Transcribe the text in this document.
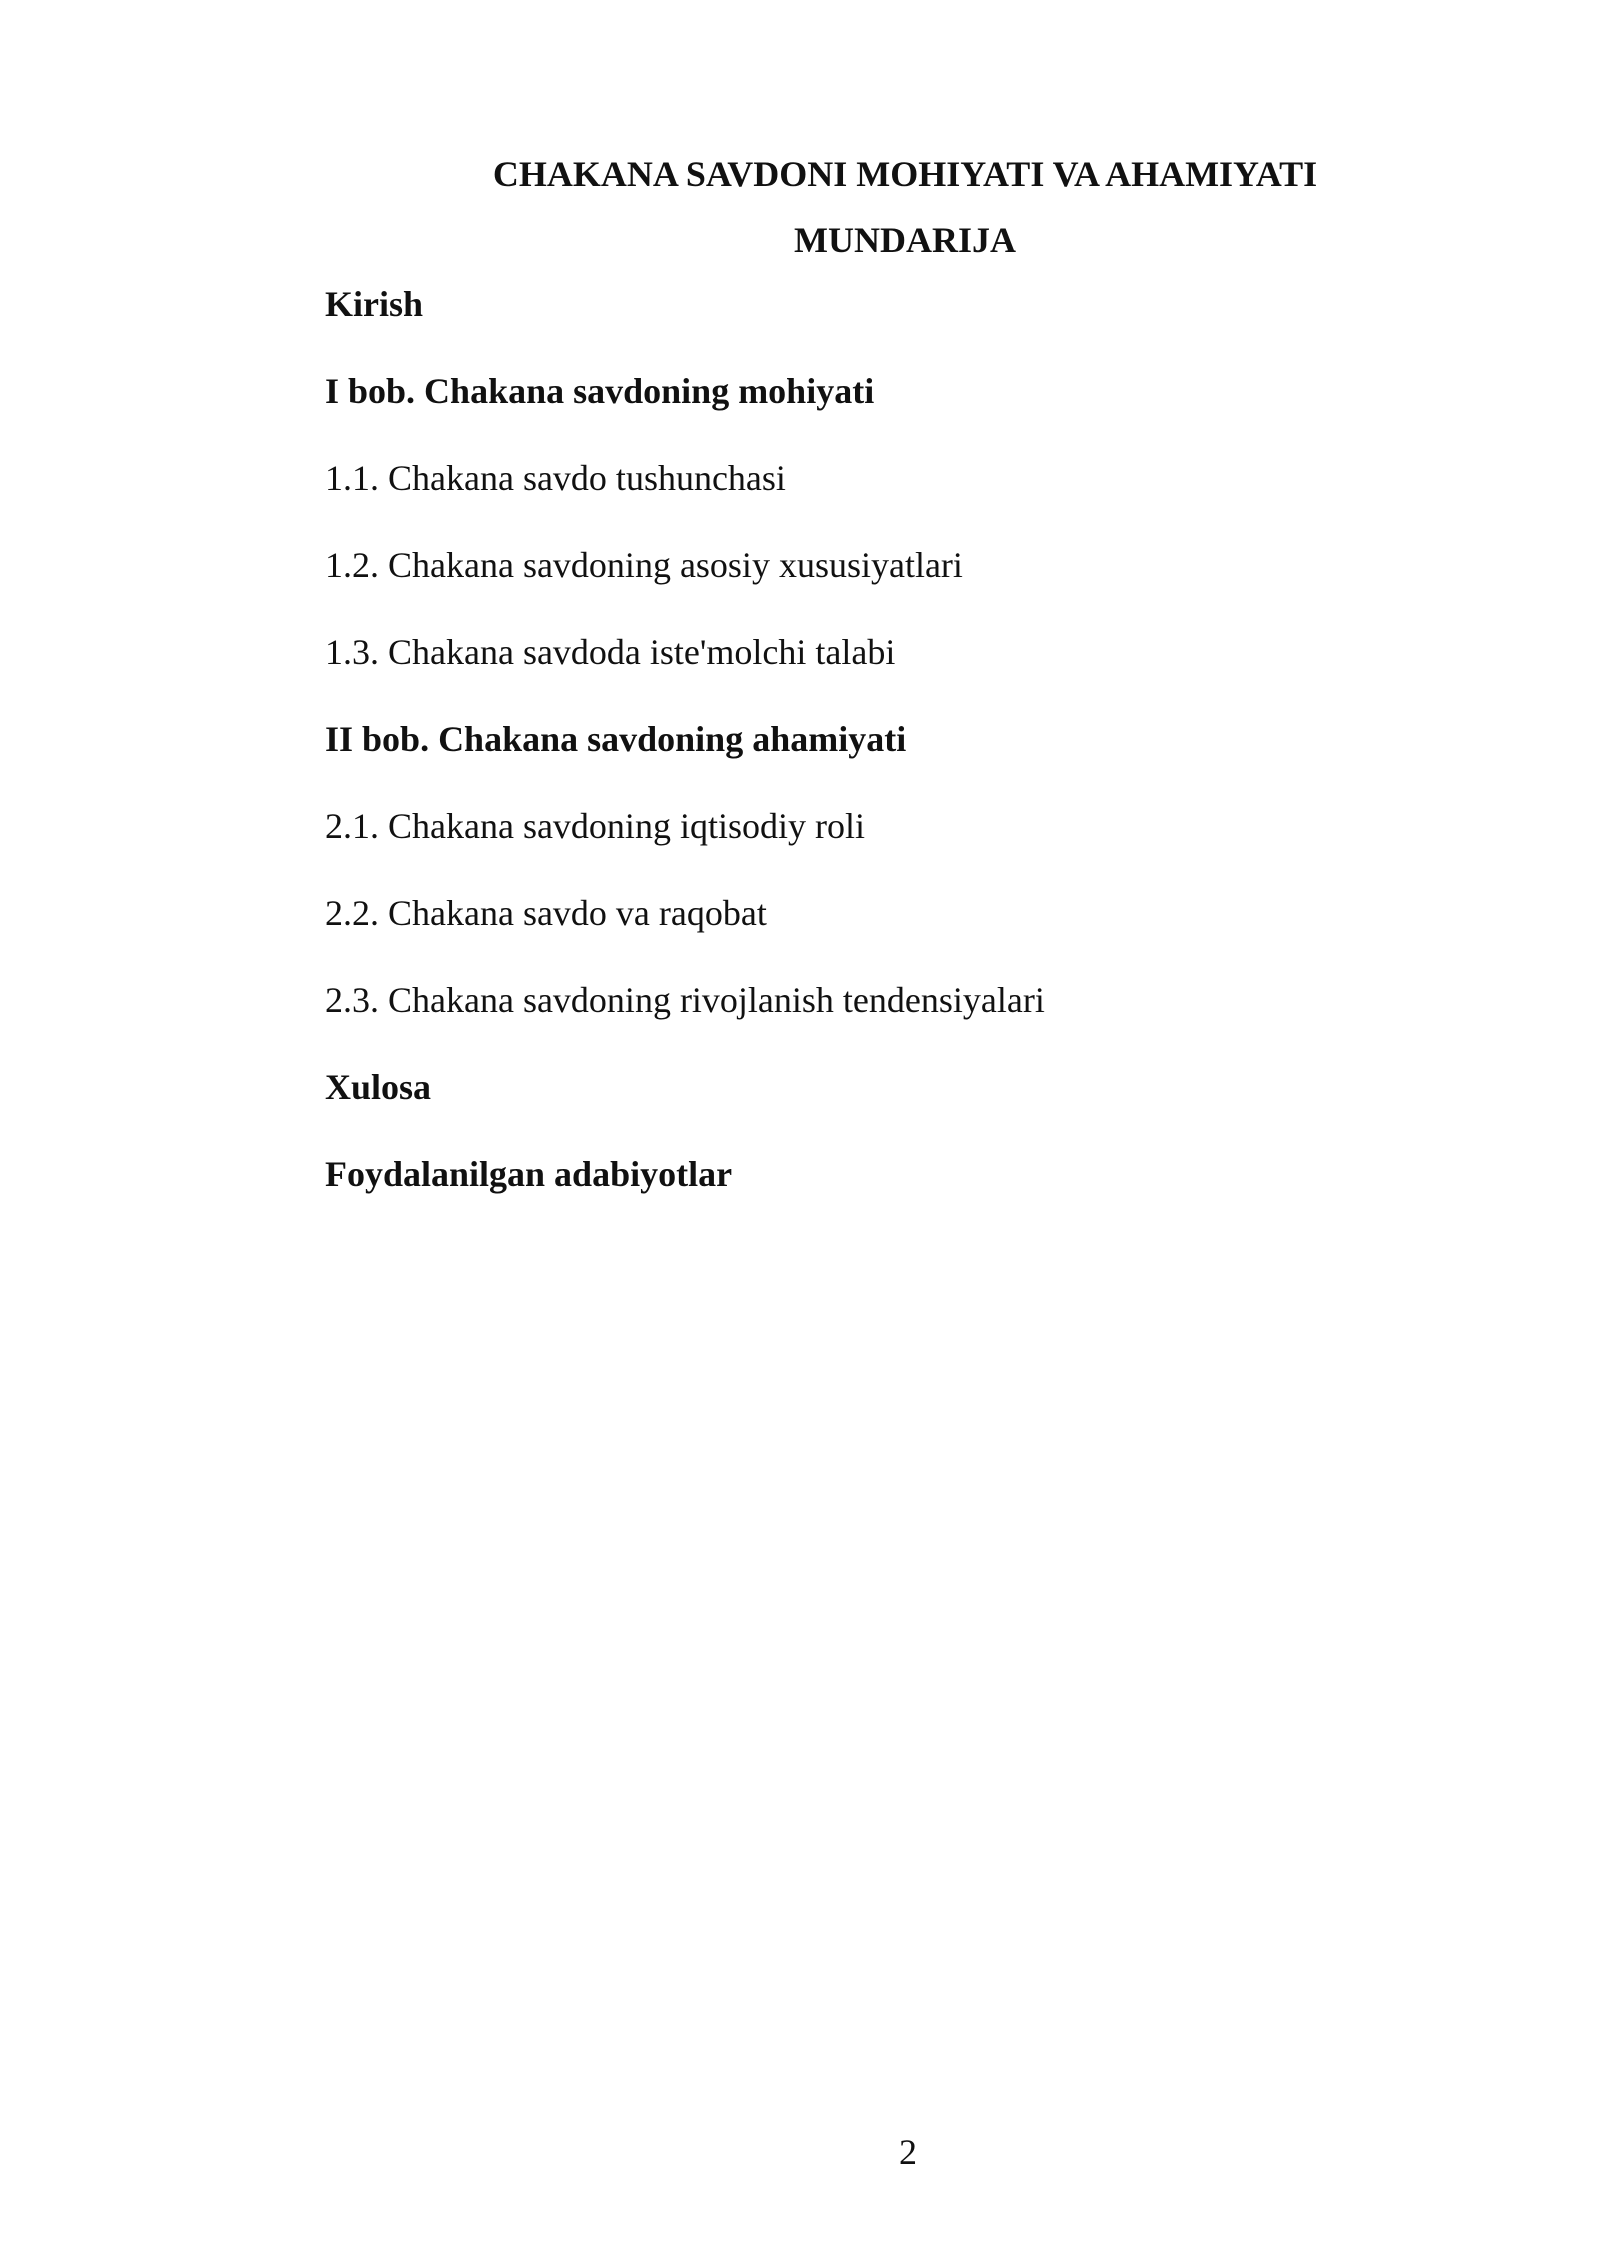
CHAKANA SAVDONI MOHIYATI VA AHAMIYATI
MUNDARIJA
Kirish
I bob. Chakana savdoning mohiyati
1.1. Chakana savdo tushunchasi
1.2. Chakana savdoning asosiy xususiyatlari
1.3. Chakana savdoda iste'molchi talabi
II bob. Chakana savdoning ahamiyati
2.1. Chakana savdoning iqtisodiy roli
2.2. Chakana savdo va raqobat
2.3. Chakana savdoning rivojlanish tendensiyalari
Xulosa
Foydalanilgan adabiyotlar
2
